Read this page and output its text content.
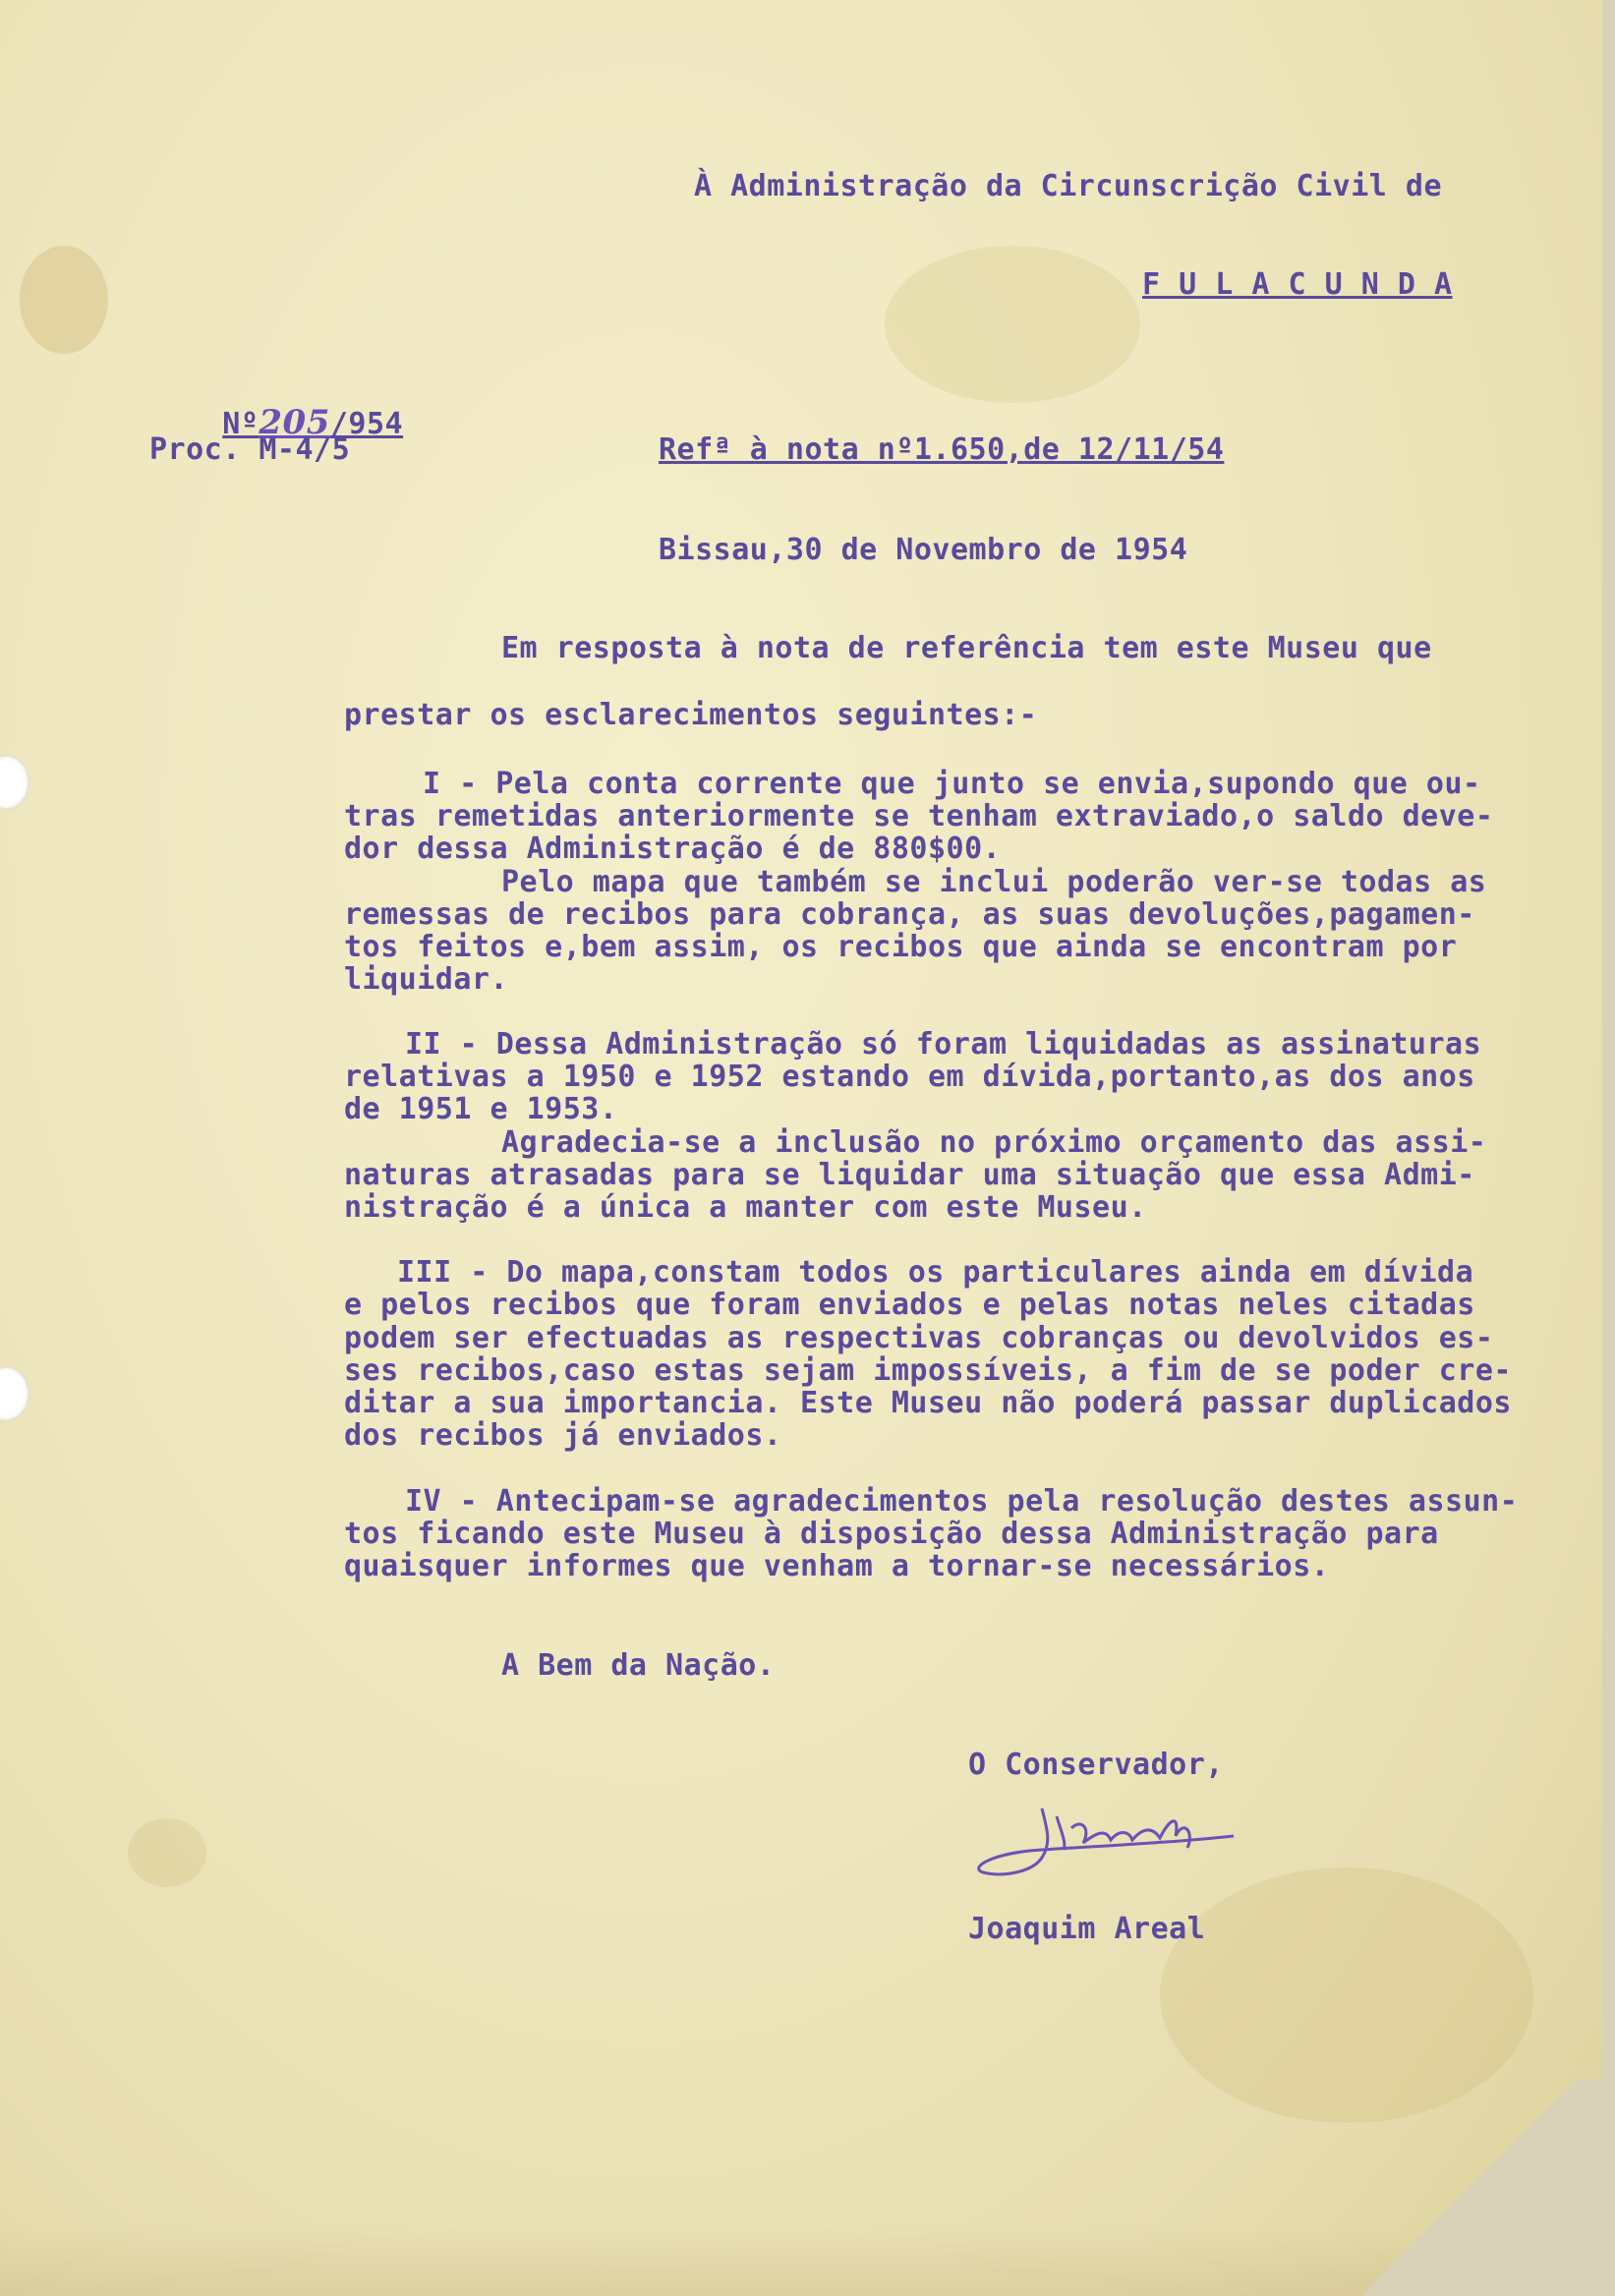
À Administração da Circunscrição Civil de

F U L A C U N D A

Nº205/954

Proc. M-4/5	Refª à nota nº1.650,de 12/11/54

Bissau,30 de Novembro de 1954

Em resposta à nota de referência tem este Museu que

prestar os esclarecimentos seguintes:-

I - Pela conta corrente que junto se envia,supondo que ou-

tras remetidas anteriormente se tenham extraviado,o saldo deve-

dor dessa Administração é de 880$00.

Pelo mapa que também se inclui poderão ver-se todas as

remessas de recibos para cobrança, as suas devoluções,pagamen-

tos feitos e,bem assim, os recibos que ainda se encontram por

liquidar.

II - Dessa Administração só foram liquidadas as assinaturas

relativas a 1950 e 1952 estando em dívida,portanto,as dos anos

de 1951 e 1953.

Agradecia-se a inclusão no próximo orçamento das assi-

naturas atrasadas para se liquidar uma situação que essa Admi-

nistração é a única a manter com este Museu.

III - Do mapa,constam todos os particulares ainda em dívida

e pelos recibos que foram enviados e pelas notas neles citadas

podem ser efectuadas as respectivas cobranças ou devolvidos es-

ses recibos,caso estas sejam impossíveis, a fim de se poder cre-

ditar a sua importancia. Este Museu não poderá passar duplicados

dos recibos já enviados.

IV - Antecipam-se agradecimentos pela resolução destes assun-

tos ficando este Museu à disposição dessa Administração para

quaisquer informes que venham a tornar-se necessários.

A Bem da Nação.

O Conservador,

Joaquim Areal
